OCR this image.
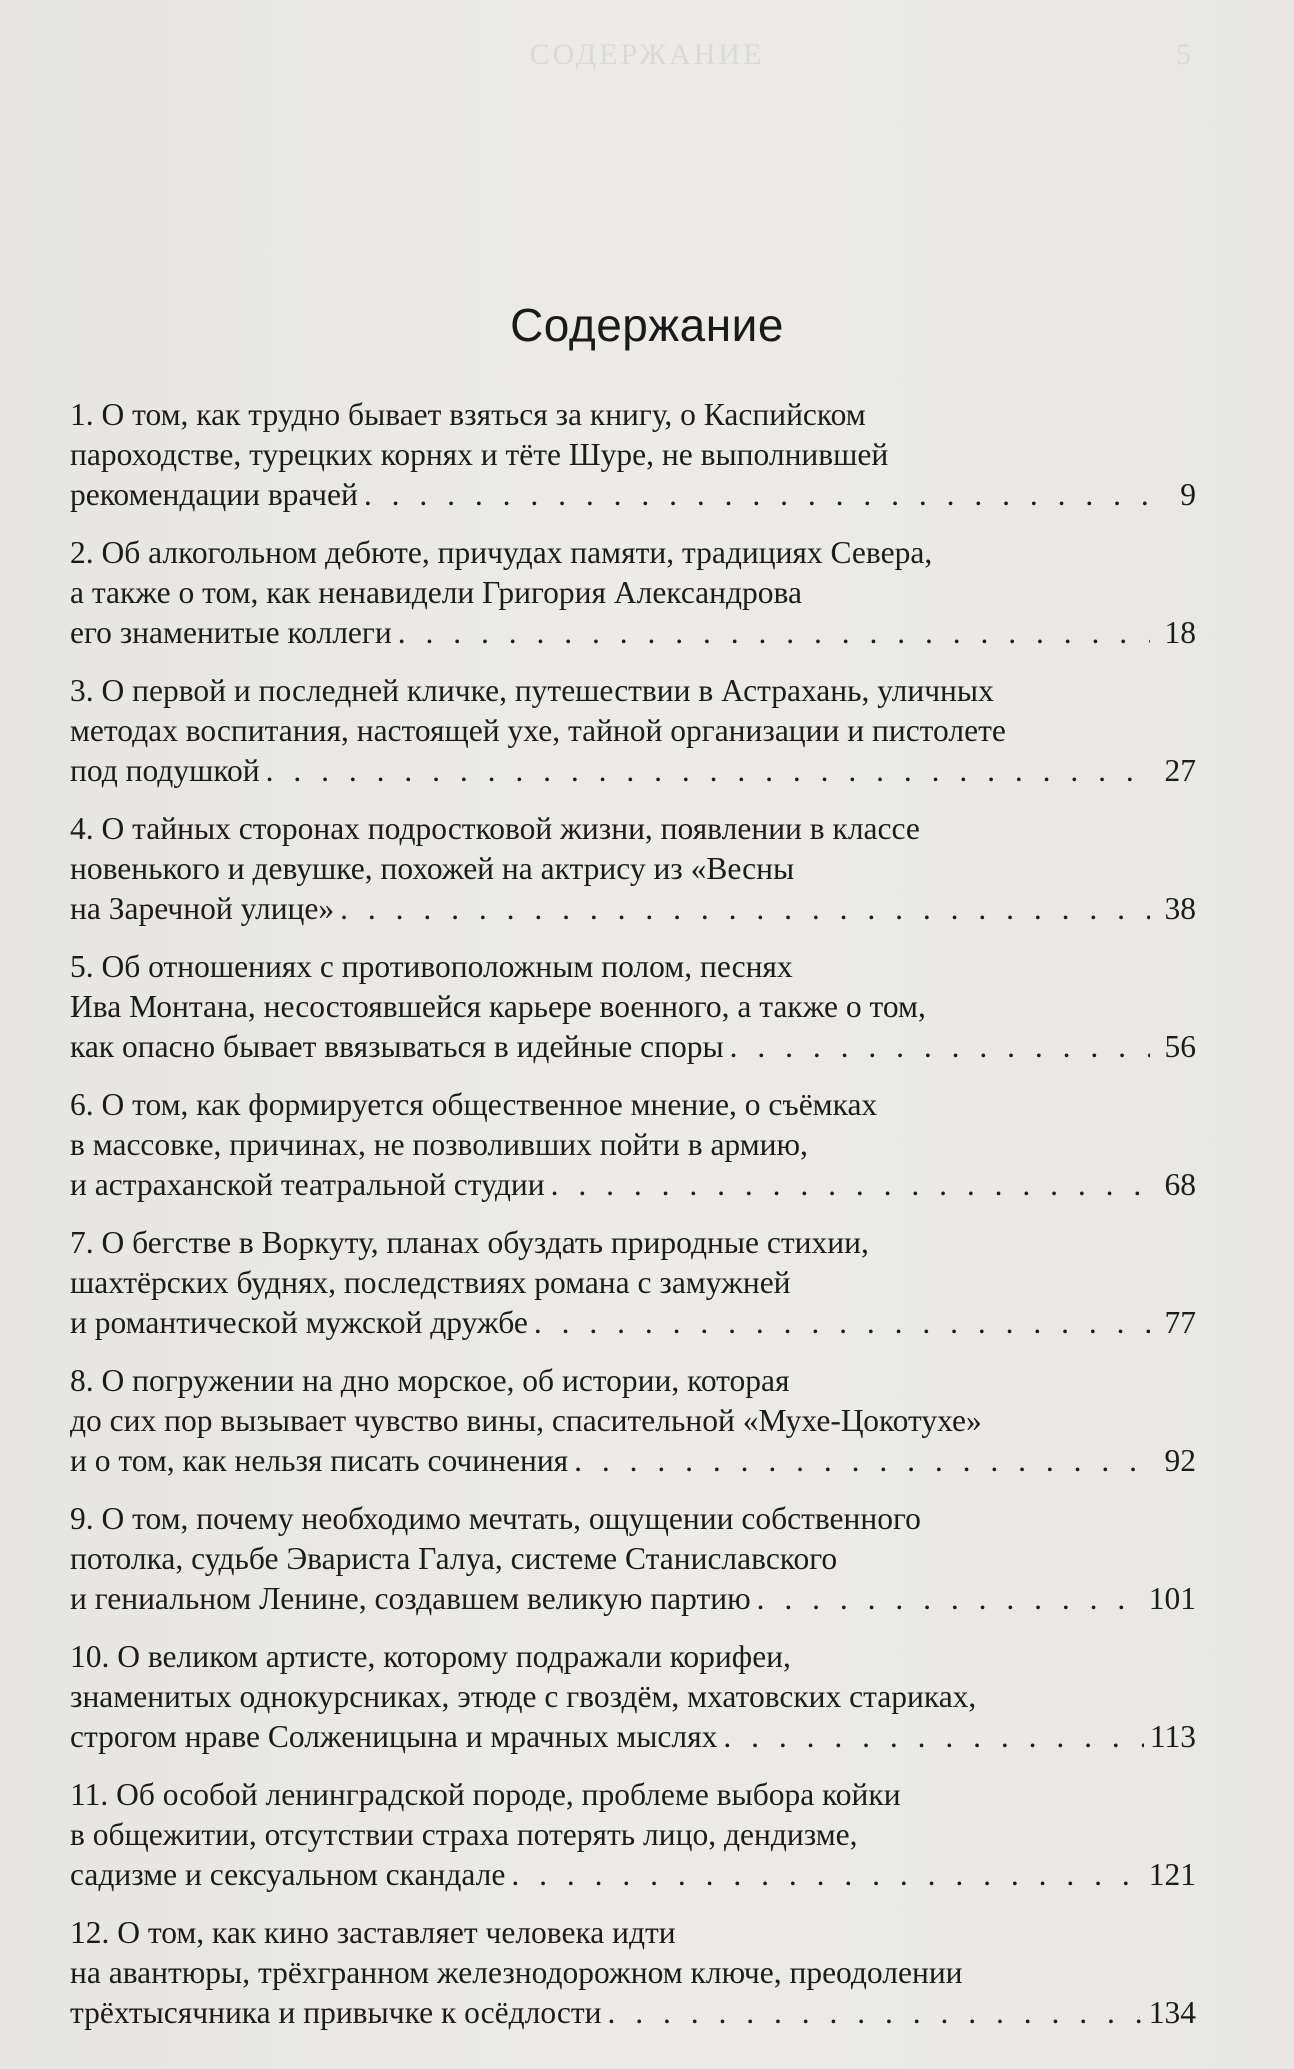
СОДЕРЖАНИЕ	5
Содержание
1. О том, как трудно бывает взяться за книгу, о Каспийском
пароходстве, турецких корнях и тёте Шуре, не выполнившей
рекомендации врачей . . .	9
2. Об алкогольном дебюте, причудах памяти, традициях Севера,
а также о том, как ненавидели Григория Александрова
его знаменитые коллеги . . .	18
3. О первой и последней кличке, путешествии в Астрахань, уличных
методах воспитания, настоящей ухе, тайной организации и пистолете
под подушкой . . .	27
4. О тайных сторонах подростковой жизни, появлении в классе
новенького и девушке, похожей на актрису из «Весны
на Заречной улице» . . .	38
5. Об отношениях с противоположным полом, песнях
Ива Монтана, несостоявшейся карьере военного, а также о том,
как опасно бывает ввязываться в идейные споры . . .	56
6. О том, как формируется общественное мнение, о съёмках
в массовке, причинах, не позволивших пойти в армию,
и астраханской театральной студии . . .	68
7. О бегстве в Воркуту, планах обуздать природные стихии,
шахтёрских буднях, последствиях романа с замужней
и романтической мужской дружбе . . .	77
8. О погружении на дно морское, об истории, которая
до сих пор вызывает чувство вины, спасительной «Мухе-Цокотухе»
и о том, как нельзя писать сочинения . . .	92
9. О том, почему необходимо мечтать, ощущении собственного
потолка, судьбе Эвариста Галуа, системе Станиславского
и гениальном Ленине, создавшем великую партию . . .	101
10. О великом артисте, которому подражали корифеи,
знаменитых однокурсниках, этюде с гвоздём, мхатовских стариках,
строгом нраве Солженицына и мрачных мыслях . . .	113
11. Об особой ленинградской породе, проблеме выбора койки
в общежитии, отсутствии страха потерять лицо, дендизме,
садизме и сексуальном скандале . . .	121
12. О том, как кино заставляет человека идти
на авантюры, трёхгранном железнодорожном ключе, преодолении
трёхтысячника и привычке к осёдлости . . .	134
